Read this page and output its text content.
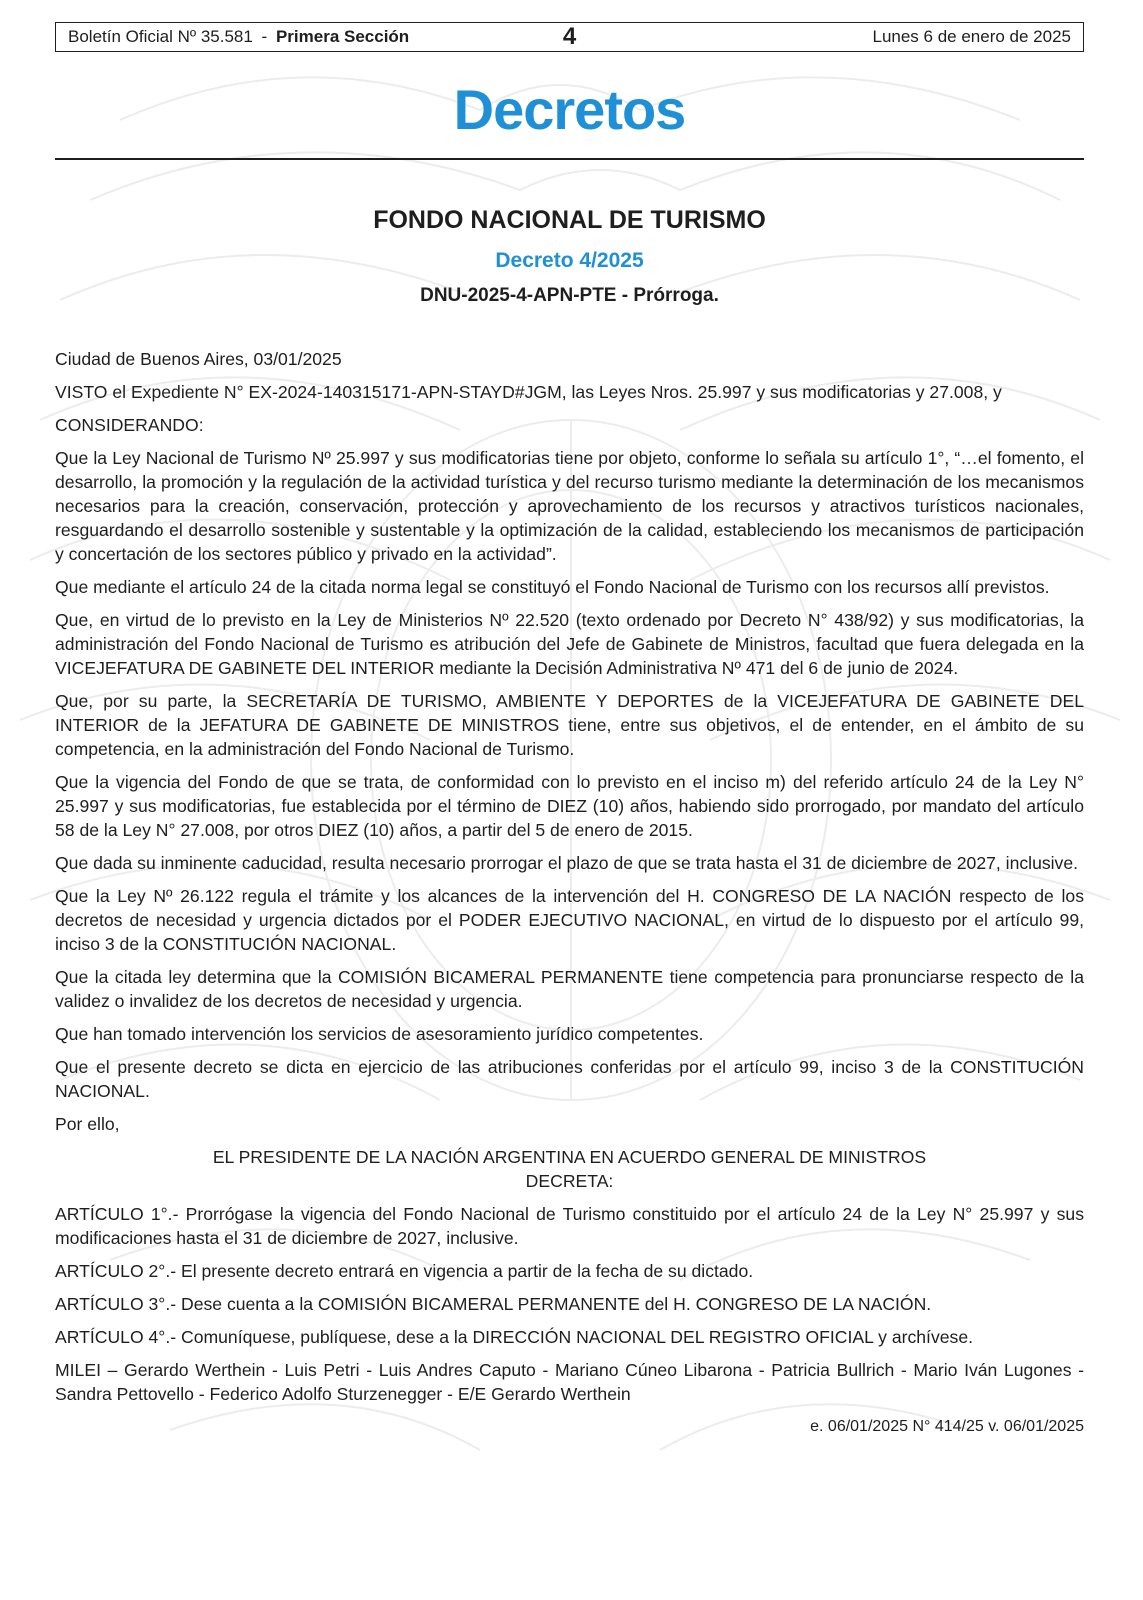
Boletín Oficial Nº 35.581 - Primera Sección	4	Lunes 6 de enero de 2025
Decretos
FONDO NACIONAL DE TURISMO
Decreto 4/2025
DNU-2025-4-APN-PTE - Prórroga.

Ciudad de Buenos Aires, 03/01/2025

VISTO el Expediente N° EX-2024-140315171-APN-STAYD#JGM, las Leyes Nros. 25.997 y sus modificatorias y 27.008, y

CONSIDERANDO:

Que la Ley Nacional de Turismo Nº 25.997 y sus modificatorias tiene por objeto, conforme lo señala su artículo 1°, “…el fomento, el desarrollo, la promoción y la regulación de la actividad turística y del recurso turismo mediante la determinación de los mecanismos necesarios para la creación, conservación, protección y aprovechamiento de los recursos y atractivos turísticos nacionales, resguardando el desarrollo sostenible y sustentable y la optimización de la calidad, estableciendo los mecanismos de participación y concertación de los sectores público y privado en la actividad”.

Que mediante el artículo 24 de la citada norma legal se constituyó el Fondo Nacional de Turismo con los recursos allí previstos.

Que, en virtud de lo previsto en la Ley de Ministerios Nº 22.520 (texto ordenado por Decreto N° 438/92) y sus modificatorias, la administración del Fondo Nacional de Turismo es atribución del Jefe de Gabinete de Ministros, facultad que fuera delegada en la VICEJEFATURA DE GABINETE DEL INTERIOR mediante la Decisión Administrativa Nº 471 del 6 de junio de 2024.

Que, por su parte, la SECRETARÍA DE TURISMO, AMBIENTE Y DEPORTES de la VICEJEFATURA DE GABINETE DEL INTERIOR de la JEFATURA DE GABINETE DE MINISTROS tiene, entre sus objetivos, el de entender, en el ámbito de su competencia, en la administración del Fondo Nacional de Turismo.

Que la vigencia del Fondo de que se trata, de conformidad con lo previsto en el inciso m) del referido artículo 24 de la Ley N° 25.997 y sus modificatorias, fue establecida por el término de DIEZ (10) años, habiendo sido prorrogado, por mandato del artículo 58 de la Ley N° 27.008, por otros DIEZ (10) años, a partir del 5 de enero de 2015.

Que dada su inminente caducidad, resulta necesario prorrogar el plazo de que se trata hasta el 31 de diciembre de 2027, inclusive.

Que la Ley Nº 26.122 regula el trámite y los alcances de la intervención del H. CONGRESO DE LA NACIÓN respecto de los decretos de necesidad y urgencia dictados por el PODER EJECUTIVO NACIONAL, en virtud de lo dispuesto por el artículo 99, inciso 3 de la CONSTITUCIÓN NACIONAL.

Que la citada ley determina que la COMISIÓN BICAMERAL PERMANENTE tiene competencia para pronunciarse respecto de la validez o invalidez de los decretos de necesidad y urgencia.

Que han tomado intervención los servicios de asesoramiento jurídico competentes.

Que el presente decreto se dicta en ejercicio de las atribuciones conferidas por el artículo 99, inciso 3 de la CONSTITUCIÓN NACIONAL.

Por ello,

EL PRESIDENTE DE LA NACIÓN ARGENTINA EN ACUERDO GENERAL DE MINISTROS
DECRETA:

ARTÍCULO 1°.- Prorrógase la vigencia del Fondo Nacional de Turismo constituido por el artículo 24 de la Ley N° 25.997 y sus modificaciones hasta el 31 de diciembre de 2027, inclusive.

ARTÍCULO 2°.- El presente decreto entrará en vigencia a partir de la fecha de su dictado.

ARTÍCULO 3°.- Dese cuenta a la COMISIÓN BICAMERAL PERMANENTE del H. CONGRESO DE LA NACIÓN.

ARTÍCULO 4°.- Comuníquese, publíquese, dese a la DIRECCIÓN NACIONAL DEL REGISTRO OFICIAL y archívese.

MILEI – Gerardo Werthein - Luis Petri - Luis Andres Caputo - Mariano Cúneo Libarona - Patricia Bullrich - Mario Iván Lugones - Sandra Pettovello - Federico Adolfo Sturzenegger - E/E Gerardo Werthein

e. 06/01/2025 N° 414/25 v. 06/01/2025
